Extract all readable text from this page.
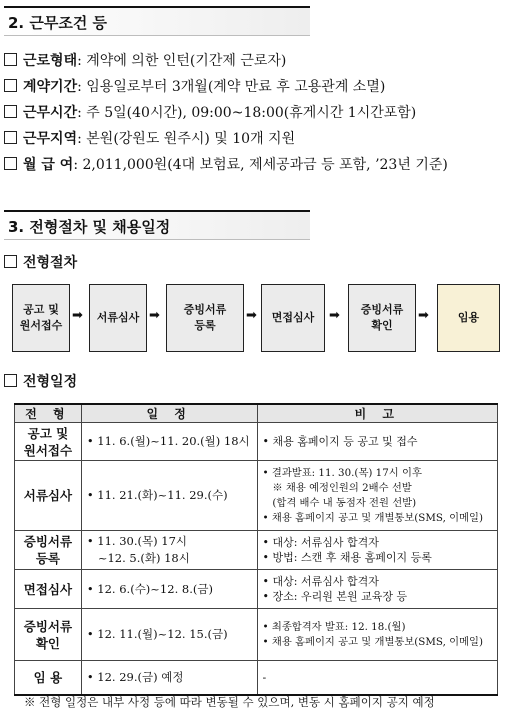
2. 근무조건 등
근로형태: 계약에 의한 인턴(기간제 근로자)
계약기간: 임용일로부터 3개월(계약 만료 후 고용관계 소멸)
근무시간: 주 5일(40시간), 09:00~18:00(휴게시간 1시간포함)
근무지역: 본원(강원도 원주시) 및 10개 지원
월 급 여: 2,011,000원(4대 보험료, 제세공과금 등 포함, ’23년 기준)
3. 전형절차 및 채용일정
전형절차
공고 및
원서접수
➡	서류심사 ➡	증빙서류
등록
➡	면접심사	➡	증빙서류
확인
➡	임용
전형일정
전 형	일 정	비 고
공고 및
원서접수	• 11. 6.(월)~11. 20.(월) 18시	• 채용 홈페이지 등 공고 및 접수
서류심사	• 11. 21.(화)~11. 29.(수)	• 결과발표: 11. 30.(목) 17시 이후
※ 채용 예정인원의 2배수 선발
(합격 배수 내 동점자 전원 선발)
• 채용 홈페이지 공고 및 개별통보(SMS, 이메일)
증빙서류
등록	• 11. 30.(목) 17시
~12. 5.(화) 18시	• 대상: 서류심사 합격자
• 방법: 스캔 후 채용 홈페이지 등록
면접심사	• 12. 6.(수)~12. 8.(금)	• 대상: 서류심사 합격자
• 장소: 우리원 본원 교육장 등
증빙서류
확인	• 12. 11.(월)~12. 15.(금)	• 최종합격자 발표: 12. 18.(월)
• 채용 홈페이지 공고 및 개별통보(SMS, 이메일)
임 용	• 12. 29.(금) 예정	-
※ 전형 일정은 내부 사정 등에 따라 변동될 수 있으며, 변동 시 홈페이지 공지 예정
